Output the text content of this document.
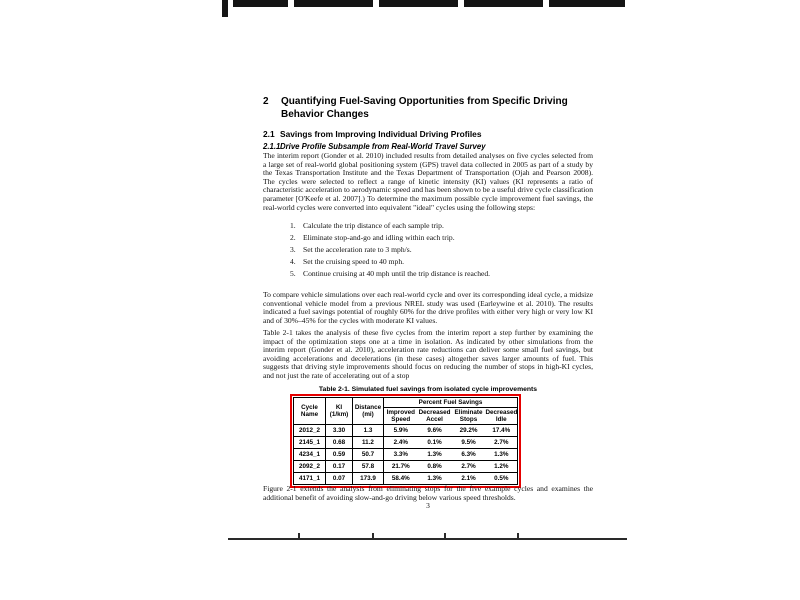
2	Quantifying Fuel-Saving Opportunities from Specific Driving
Behavior Changes
2.1 Savings from Improving Individual Driving Profiles
2.1.1 Drive Profile Subsample from Real-World Travel Survey
The interim report (Gonder et al. 2010) included results from detailed analyses on five cycles selected from a large set of real-world global positioning system (GPS) travel data collected in 2005 as part of a study by the Texas Transportation Institute and the Texas Department of Transportation (Ojah and Pearson 2008). The cycles were selected to reflect a range of kinetic intensity (KI) values (KI represents a ratio of characteristic acceleration to aerodynamic speed and has been shown to be a useful drive cycle classification parameter [O'Keefe et al. 2007].) To determine the maximum possible cycle improvement fuel savings, the real-world cycles were converted into equivalent "ideal" cycles using the following steps:
1. Calculate the trip distance of each sample trip.
2. Eliminate stop-and-go and idling within each trip.
3. Set the acceleration rate to 3 mph/s.
4. Set the cruising speed to 40 mph.
5. Continue cruising at 40 mph until the trip distance is reached.
To compare vehicle simulations over each real-world cycle and over its corresponding ideal cycle, a midsize conventional vehicle model from a previous NREL study was used (Earleywine et al. 2010). The results indicated a fuel savings potential of roughly 60% for the drive profiles with either very high or very low KI and of 30%–45% for the cycles with moderate KI values.
Table 2-1 takes the analysis of these five cycles from the interim report a step further by examining the impact of the optimization steps one at a time in isolation. As indicated by other simulations from the interim report (Gonder et al. 2010), acceleration rate reductions can deliver some small fuel savings, but avoiding accelerations and decelerations (in these cases) altogether saves larger amounts of fuel. This suggests that driving style improvements should focus on reducing the number of stops in high-KI cycles, and not just the rate of accelerating out of a stop
Table 2-1. Simulated fuel savings from isolated cycle improvements
Cycle Name	KI (1/km)	Distance (mi)	Percent Fuel Savings			
			Improved Speed	Decreased Accel	Eliminate Stops	Decreased Idle
2012_2	3.30	1.3	5.9%	9.6%	29.2%	17.4%
2145_1	0.68	11.2	2.4%	0.1%	9.5%	2.7%
4234_1	0.59	50.7	3.3%	1.3%	6.3%	1.3%
2092_2	0.17	57.8	21.7%	0.8%	2.7%	1.2%
4171_1	0.07	173.9	58.4%	1.3%	2.1%	0.5%
Figure 2-1 extends the analysis from eliminating stops for the five example cycles and examines the additional benefit of avoiding slow-and-go driving below various speed thresholds.
3
